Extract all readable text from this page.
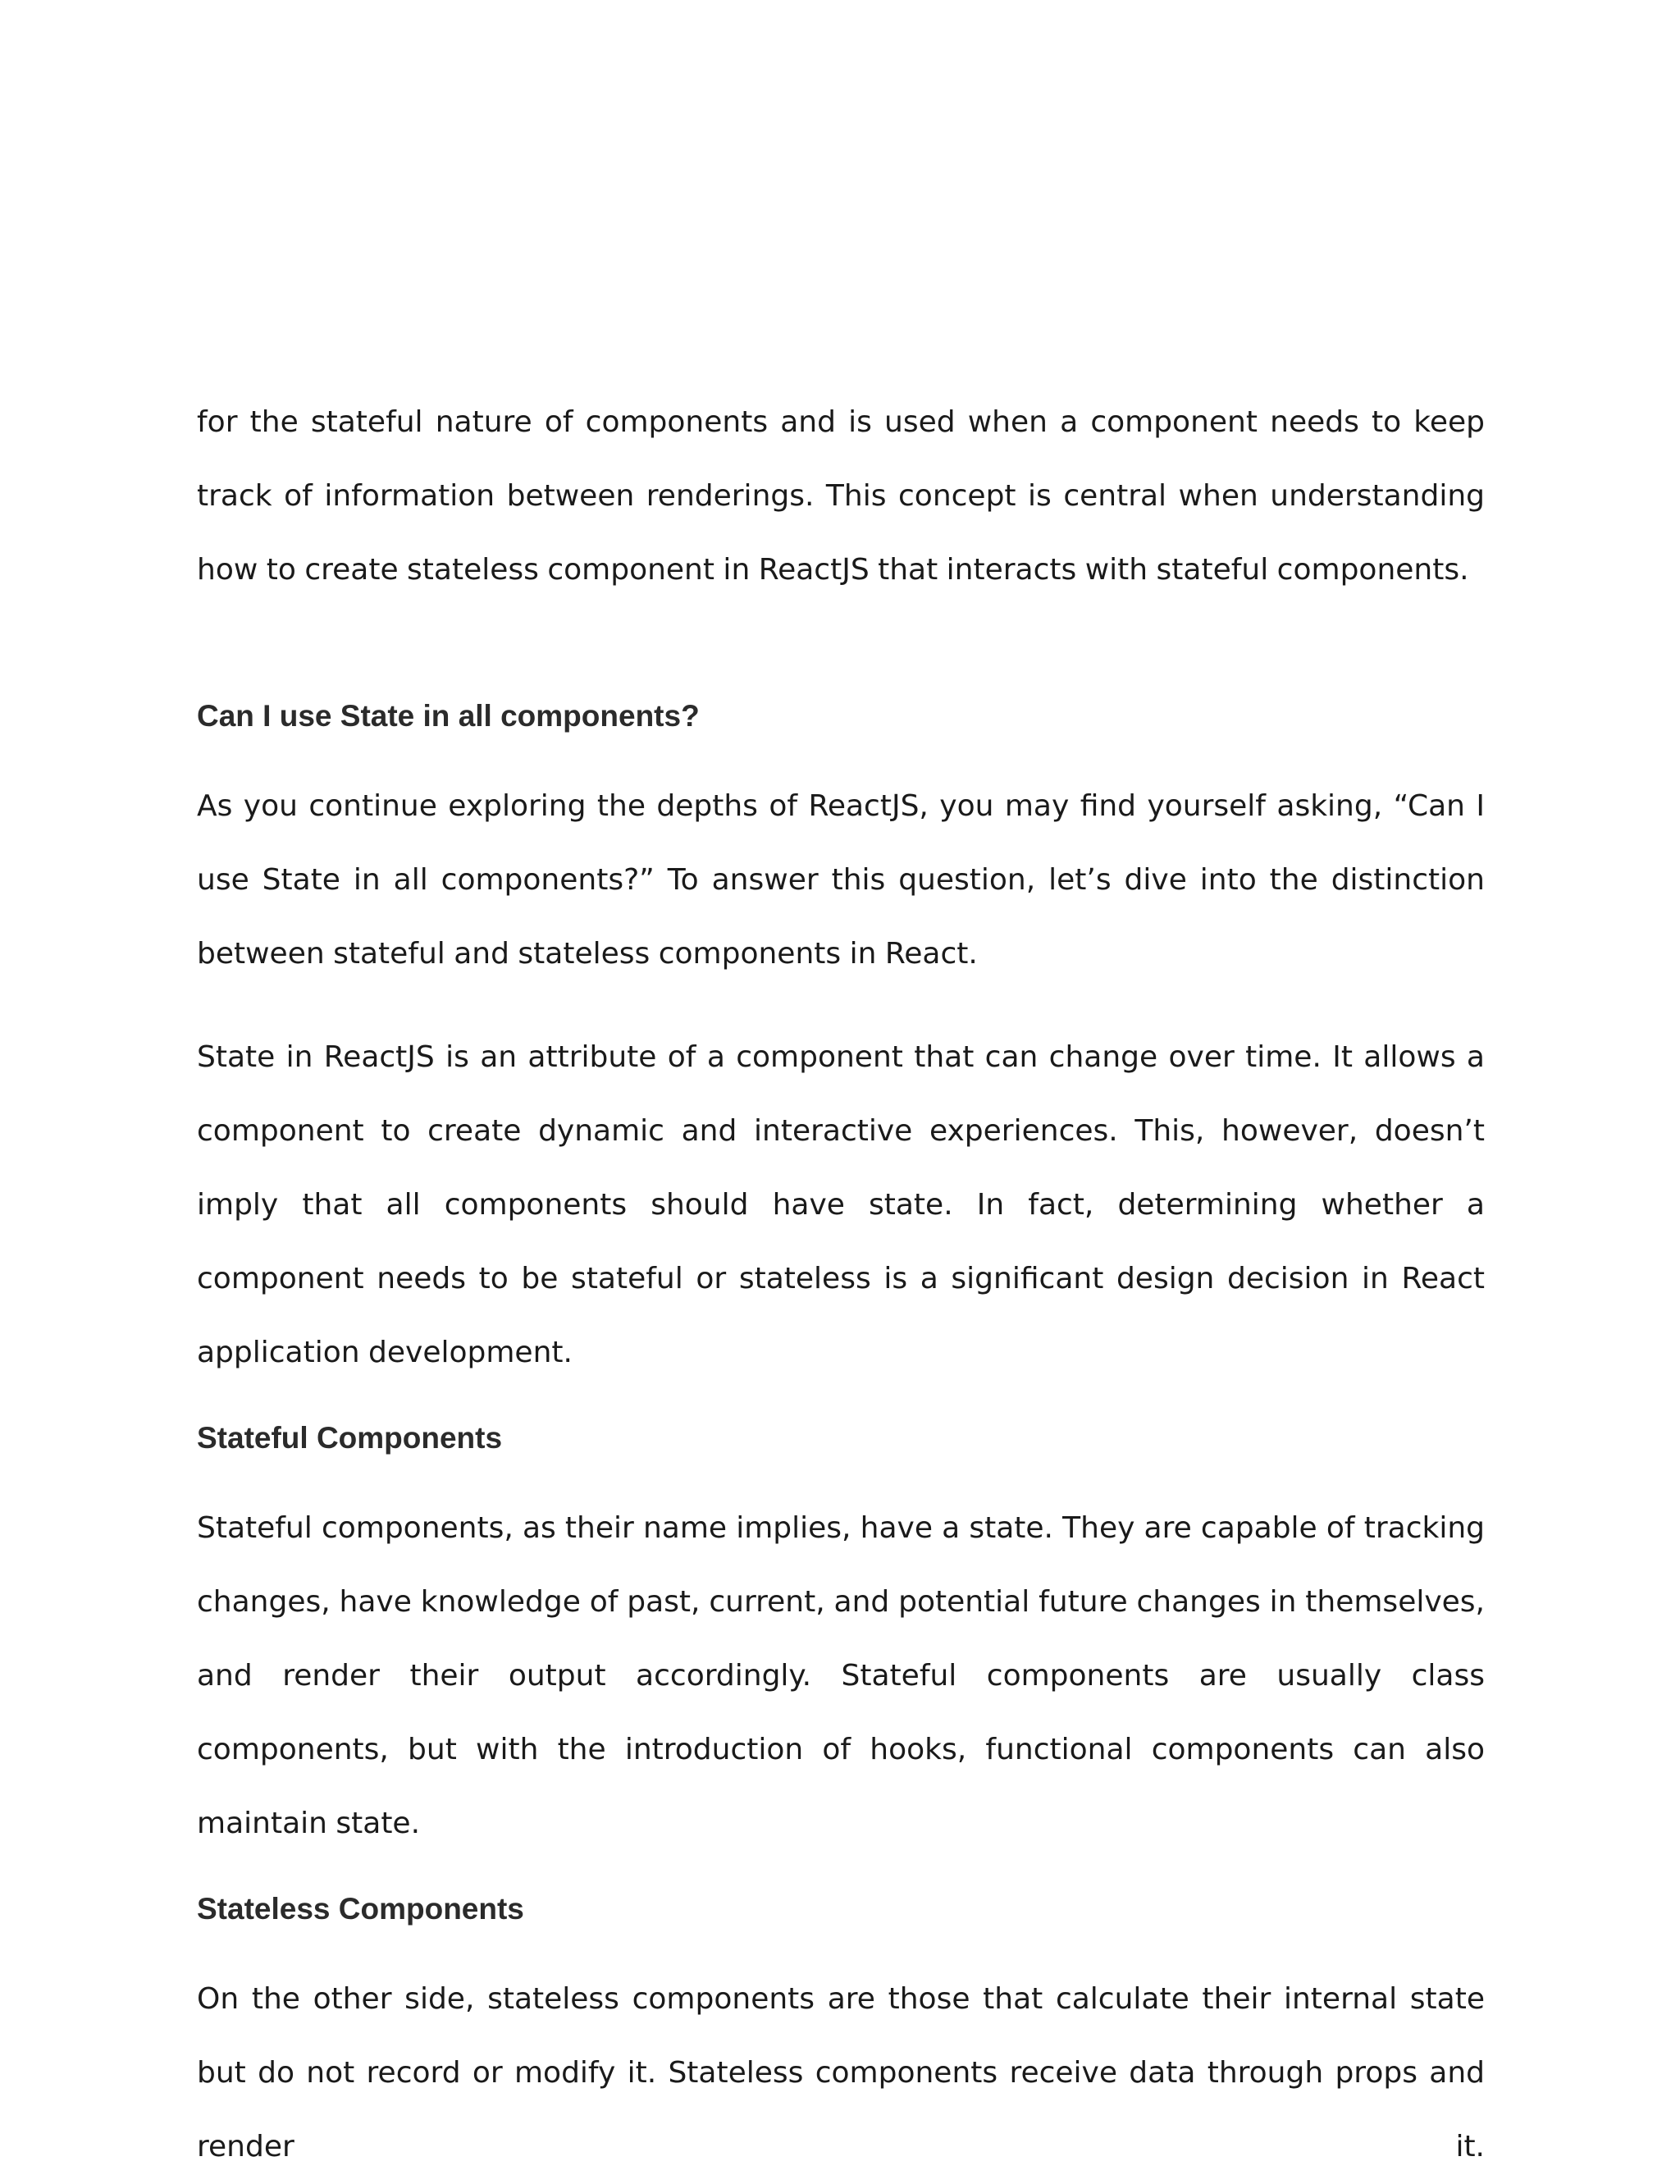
for the stateful nature of components and is used when a component needs to keep track of information between renderings. This concept is central when understanding how to create stateless component in ReactJS that interacts with stateful components.

Can I use State in all components?

As you continue exploring the depths of ReactJS, you may find yourself asking, “Can I use State in all components?” To answer this question, let’s dive into the distinction between stateful and stateless components in React.

State in ReactJS is an attribute of a component that can change over time. It allows a component to create dynamic and interactive experiences. This, however, doesn’t imply that all components should have state. In fact, determining whether a component needs to be stateful or stateless is a significant design decision in React application development.

Stateful Components

Stateful components, as their name implies, have a state. They are capable of tracking changes, have knowledge of past, current, and potential future changes in themselves, and render their output accordingly. Stateful components are usually class components, but with the introduction of hooks, functional components can also maintain state.

Stateless Components

On the other side, stateless components are those that calculate their internal state but do not record or modify it. Stateless components receive data through props and render it.
